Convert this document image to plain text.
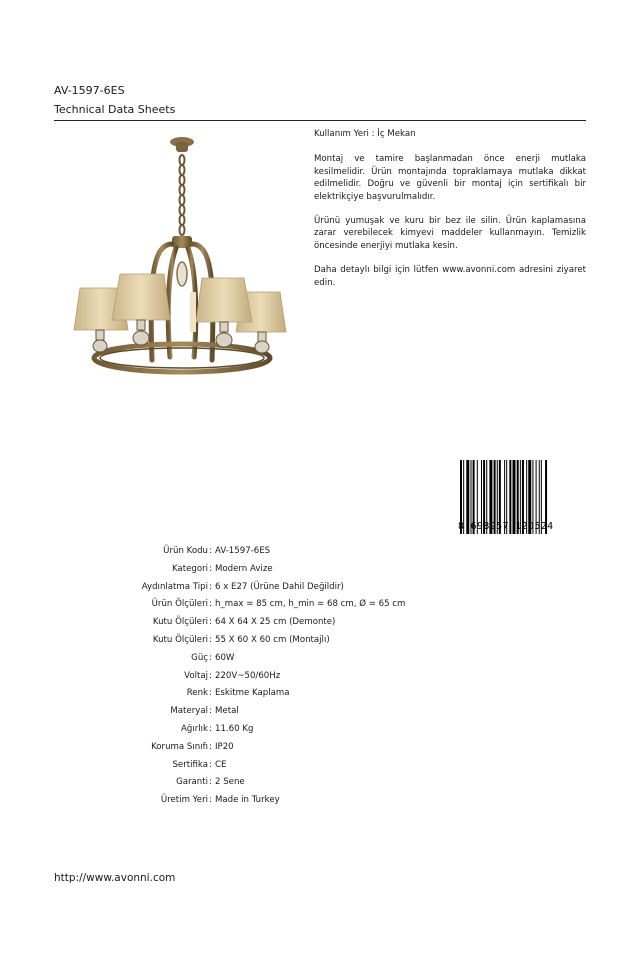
AV-1597-6ES
Technical Data Sheets

Kullanım Yeri : İç Mekan

Montaj ve tamire başlanmadan önce enerji mutlaka kesilmelidir. Ürün montajında topraklamaya mutlaka dikkat edilmelidir. Doğru ve güvenli bir montaj için sertifikalı bir elektrikçiye başvurulmalıdır.

Ürünü yumuşak ve kuru bir bez ile silin. Ürün kaplamasına zarar verebilecek kimyevi maddeler kullanmayın. Temizlik öncesinde enerjiyi mutlaka kesin.

Daha detaylı bilgi için lütfen www.avonni.com adresini ziyaret edin.

8 698957 120524
Ürün Kodu : AV-1597-6ES
Kategori : Modern Avize
Aydınlatma Tipi : 6 x E27 (Ürüne Dahil Değildir)
Ürün Ölçüleri : h_max = 85 cm, h_min = 68 cm, Ø = 65 cm
Kutu Ölçüleri : 64 X 64 X 25 cm (Demonte)
Kutu Ölçüleri : 55 X 60 X 60 cm (Montajlı)
Güç : 60W
Voltaj : 220V~50/60Hz
Renk : Eskitme Kaplama
Materyal : Metal
Ağırlık : 11.60 Kg
Koruma Sınıfı : IP20
Sertifika : CE
Garanti : 2 Sene
Üretim Yeri : Made in Turkey
http://www.avonni.com
